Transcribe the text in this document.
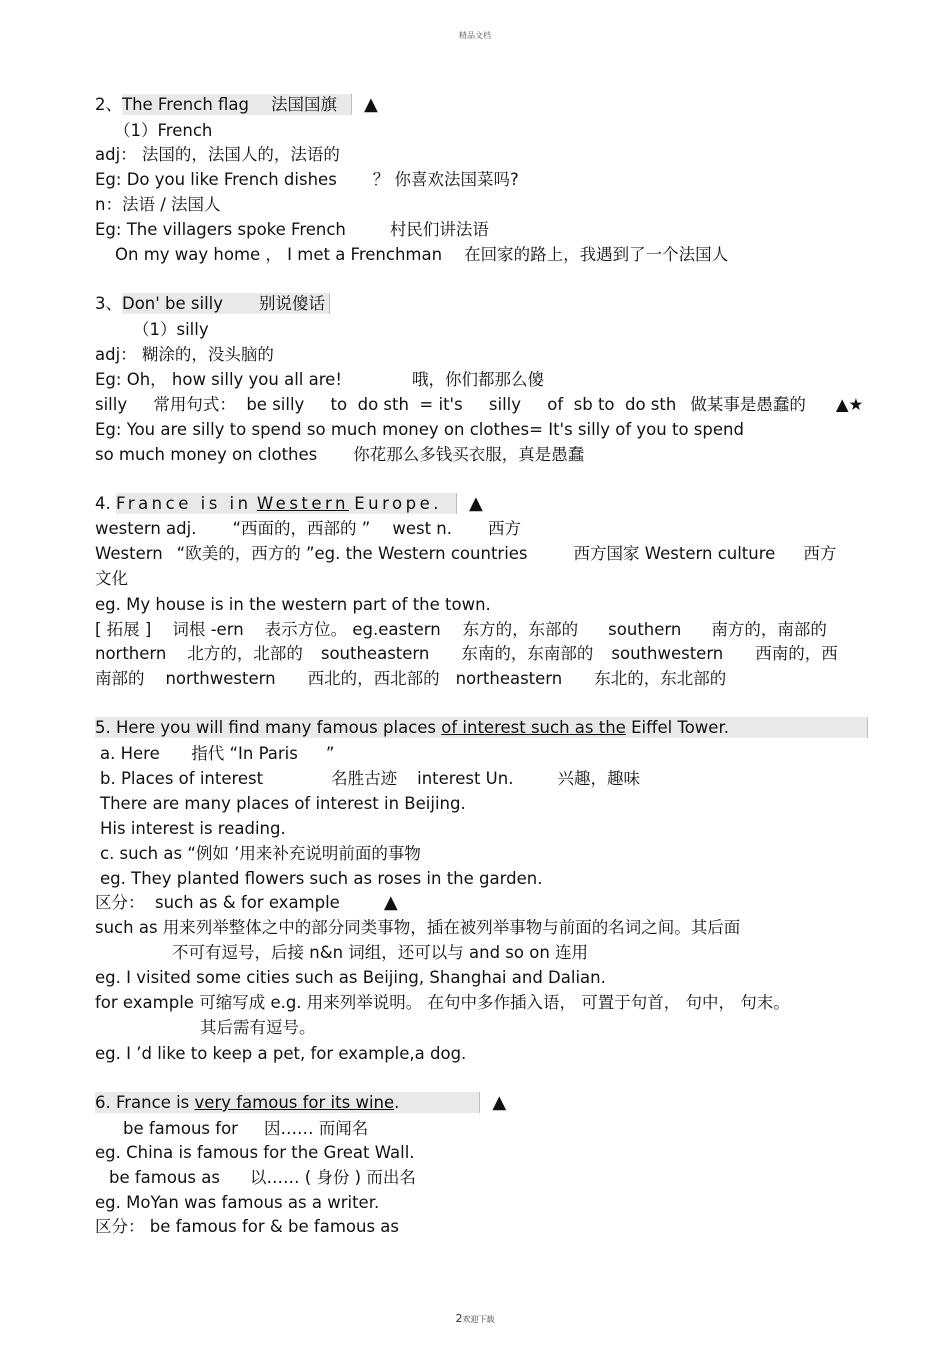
精品文档
2、The French flag 法国国旗 ▲
（1）French
adj： 法国的，法国人的，法语的
Eg: Do you like French dishes ？ 你喜欢法国菜吗?
n：法语 / 法国人
Eg: The villagers spoke French	村民们讲法语
On my way home ， I met a Frenchman 在回家的路上，我遇到了一个法国人
3、Don' be silly 别说傻话
（1）silly
adj： 糊涂的，没头脑的
Eg: Oh， how silly you all are!	哦，你们都那么傻
silly     常用句式：  be silly     to  do sth  = it's     silly     of  sb to  do sth 做某事是愚蠢的 ▲★
Eg: You are silly to spend so much money on clothes= It's silly of you to spend
so much money on clothes 你花那么多钱买衣服，真是愚蠢
4. France is in Western Europe. ▲
western adj. “西面的，西部的 ” west n. 西方
Western “欧美的，西方的 ”eg. the Western countries	西方国家 Western culture 西方
文化
eg. My house is in the western part of the town.
[ 拓展 ]    词根 -ern    表示方位。 eg.eastern 东方的，东部的 southern 南方的，南部的
northern    北方的，北部的 southeastern 东南的，东南部的 southwestern 西南的，西
南部的    northwestern 西北的，西北部的 northeastern 东北的，东北部的
5. Here you will find many famous places of interest such as the Eiffel Tower.
a. Here      指代 “In Paris ”
b. Places of interest	名胜古迹 interest Un.	兴趣，趣味
There are many places of interest in Beijing.
His interest is reading.
c. such as “例如 ’用来补充说明前面的事物
eg. They planted flowers such as roses in the garden.
区分：  such as & for example ▲
such as 用来列举整体之中的部分同类事物，插在被列举事物与前面的名词之间。其后面
不可有逗号，后接 n&n 词组，还可以与 and so on 连用
eg. I visited some cities such as Beijing, Shanghai and Dalian.
for example 可缩写成 e.g. 用来列举说明。 在句中多作插入语， 可置于句首， 句中， 句末。
其后需有逗号。
eg. I ’d like to keep a pet, for example,a dog.
6. France is very famous for its wine.	▲
be famous for 因…… 而闻名
eg. China is famous for the Great Wall.
be famous as 以…… ( 身份 ) 而出名
eg. MoYan was famous as a writer.
区分： be famous for & be famous as
2欢迎下载
